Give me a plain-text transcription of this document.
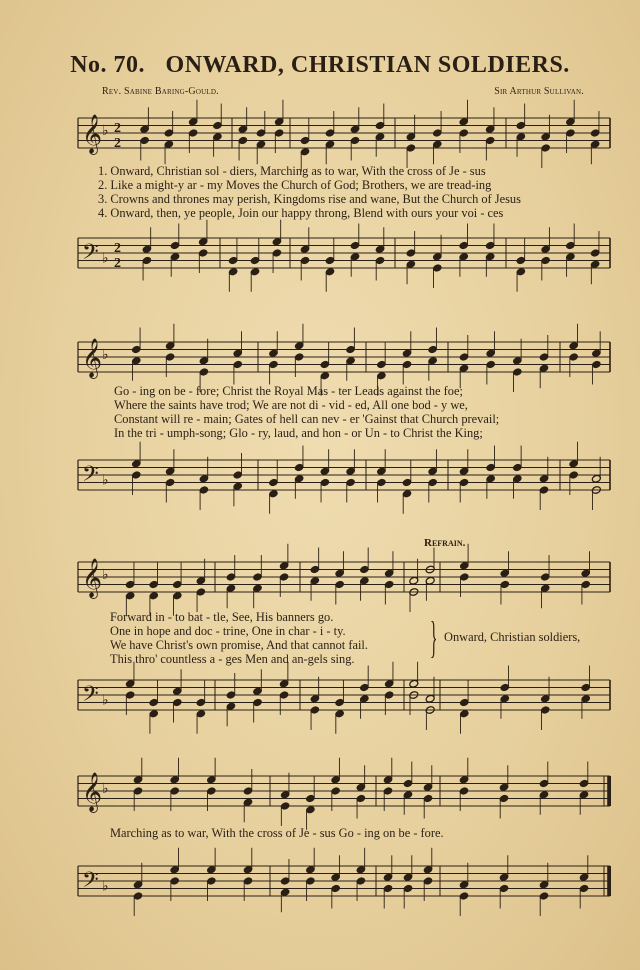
No. 70. ONWARD, CHRISTIAN SOLDIERS.
Rev. Sabine Baring-Gould.	Sir Arthur Sullivan.
𝄞 ♭ 2
2
1. Onward, Christian sol - diers, Marching as to war, With the cross of Je - sus
2. Like a might-y ar - my Moves the Church of God; Brothers, we are tread-ing
3. Crowns and thrones may perish, Kingdoms rise and wane, But the Church of Jesus
4. Onward, then, ye people, Join our happy throng, Blend with ours your voi - ces
𝄢 ♭
2
2
𝄞 ♭
Go - ing on be - fore; Christ the Royal Mas - ter Leads against the foe;
Where the saints have trod; We are not di - vid - ed, All one bod - y we,
Constant will re - main; Gates of hell can nev - er 'Gainst that Church prevail;
In the tri - umph-song; Glo - ry, laud, and hon - or Un - to Christ the King;
𝄢 ♭
Refrain.
𝄞 ♭
Forward in - to bat - tle, See, His banners go.
One in hope and doc - trine, One in char - i - ty.
We have Christ's own promise, And that cannot fail.
This thro' countless a - ges Men and an-gels sing.	} Onward, Christian soldiers,
𝄢 ♭
𝄞 ♭
Marching as to war, With the cross of Je - sus Go - ing on be - fore.
𝄢 ♭
